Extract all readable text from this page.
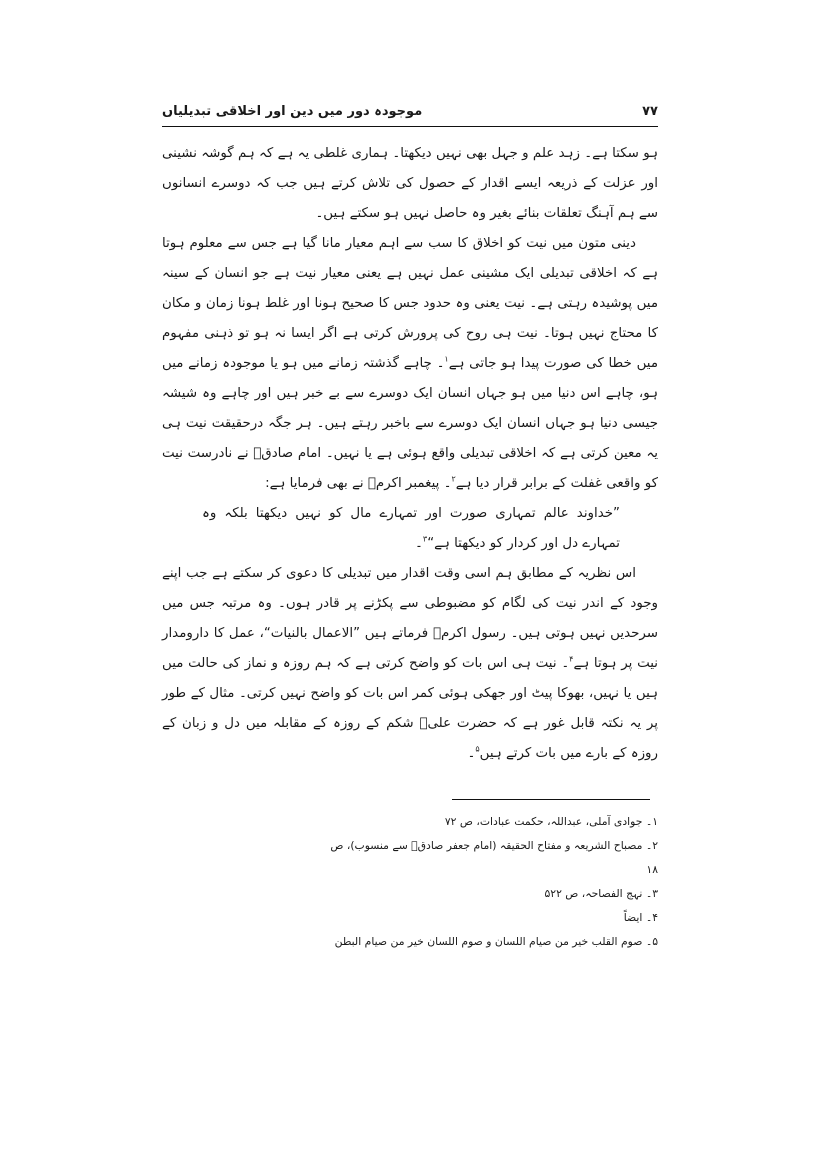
موجودہ دور میں دین اور اخلاقی تبدیلیاں	۷۷

ہو سکتا ہے۔ زہد علم و جہل بھی نہیں دیکھتا۔ ہماری غلطی یہ ہے کہ ہم گوشہ نشینی اور عزلت کے ذریعہ ایسے اقدار کے حصول کی تلاش کرتے ہیں جب کہ دوسرے انسانوں سے ہم آہنگ تعلقات بنائے بغیر وہ حاصل نہیں ہو سکتے ہیں۔

دینی متون میں نیت کو اخلاق کا سب سے اہم معیار مانا گیا ہے جس سے معلوم ہوتا ہے کہ اخلاقی تبدیلی ایک مشینی عمل نہیں ہے یعنی معیار نیت ہے جو انسان کے سینہ میں پوشیدہ رہتی ہے۔ نیت یعنی وہ حدود جس کا صحیح ہونا اور غلط ہونا زمان و مکان کا محتاج نہیں ہوتا۔ نیت ہی روح کی پرورش کرتی ہے اگر ایسا نہ ہو تو ذہنی مفہوم میں خطا کی صورت پیدا ہو جاتی ہے$^۱$۔ چاہے گذشتہ زمانے میں ہو یا موجودہ زمانے میں ہو، چاہے اس دنیا میں ہو جہاں انسان ایک دوسرے سے بے خبر ہیں اور چاہے وہ شیشہ جیسی دنیا ہو جہاں انسان ایک دوسرے سے باخبر رہتے ہیں۔ ہر جگہ درحقیقت نیت ہی یہ معین کرتی ہے کہ اخلاقی تبدیلی واقع ہوئی ہے یا نہیں۔ امام صادقؑ نے نادرست نیت کو واقعی غفلت کے برابر قرار دیا ہے$^۲$۔ پیغمبر اکرمؐ نے بھی فرمایا ہے:

”خداوند عالم تمہاری صورت اور تمہارے مال کو نہیں دیکھتا بلکہ وہ تمہارے دل اور کردار کو دیکھتا ہے“$^۳$۔

اس نظریہ کے مطابق ہم اسی وقت اقدار میں تبدیلی کا دعوی کر سکتے ہے جب اپنے وجود کے اندر نیت کی لگام کو مضبوطی سے پکڑنے پر قادر ہوں۔ وہ مرتبہ جس میں سرحدیں نہیں ہوتی ہیں۔ رسول اکرمؐ فرماتے ہیں ”الاعمال بالنیات“، عمل کا دارومدار نیت پر ہوتا ہے$^۴$۔ نیت ہی اس بات کو واضح کرتی ہے کہ ہم روزہ و نماز کی حالت میں ہیں یا نہیں، بھوکا پیٹ اور جھکی ہوئی کمر اس بات کو واضح نہیں کرتی۔ مثال کے طور پر یہ نکتہ قابل غور ہے کہ حضرت علیؑ شکم کے روزہ کے مقابلہ میں دل و زبان کے روزہ کے بارے میں بات کرتے ہیں$^۵$۔

۱۔ جوادی آملی، عبداللہ، حکمت عبادات، ص ۷۲

۲۔ مصباح الشریعہ و مفتاح الحقیقہ (امام جعفر صادقؑ سے منسوب)، ص ۱۸

۳۔ نہج الفصاحہ، ص ۵۲۲

۴۔ ایضاً

۵۔ صوم القلب خیر من صیام اللسان و صوم اللسان خیر من صیام البطن
